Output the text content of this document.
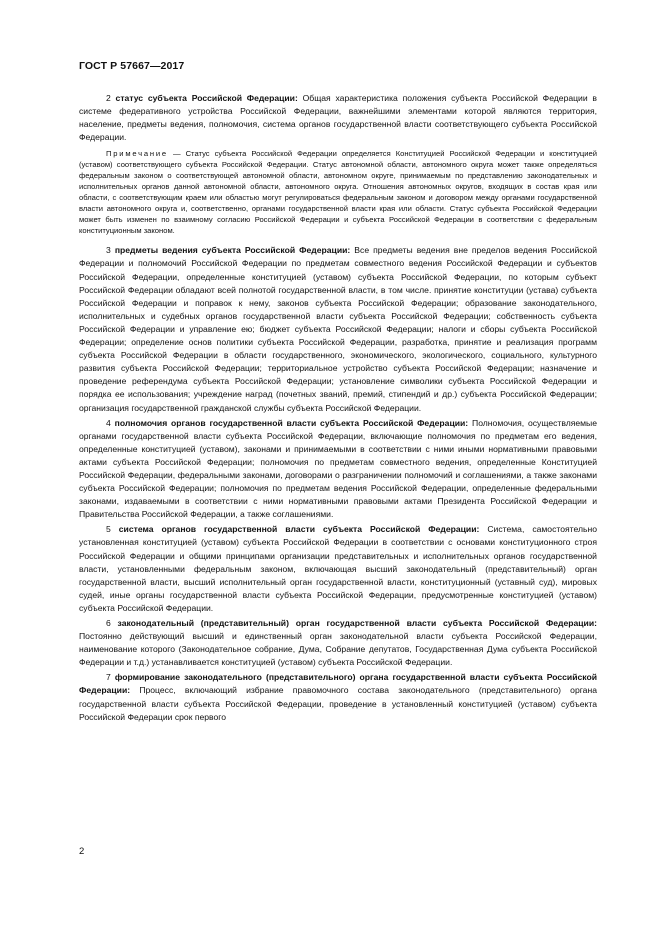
ГОСТ Р 57667—2017

2 статус субъекта Российской Федерации: Общая характеристика положения субъекта Российской Федерации в системе федеративного устройства Российской Федерации, важнейшими элементами которой являются территория, население, предметы ведения, полномочия, система органов государственной власти соответствующего субъекта Российской Федерации.

Примечание — Статус субъекта Российской Федерации определяется Конституцией Российской Федерации и конституцией (уставом) соответствующего субъекта Российской Федерации. Статус автономной области, автономного округа может также определяться федеральным законом о соответствующей автономной области, автономном округе, принимаемым по представлению законодательных и исполнительных органов данной автономной области, автономного округа. Отношения автономных округов, входящих в состав края или области, с соответствующим краем или областью могут регулироваться федеральным законом и договором между органами государственной власти автономного округа и, соответственно, органами государственной власти края или области. Статус субъекта Российской Федерации может быть изменен по взаимному согласию Российской Федерации и субъекта Российской Федерации в соответствии с федеральным конституционным законом.

3 предметы ведения субъекта Российской Федерации: Все предметы ведения вне пределов ведения Российской Федерации и полномочий Российской Федерации по предметам совместного ведения Российской Федерации и субъектов Российской Федерации, определенные конституцией (уставом) субъекта Российской Федерации, по которым субъект Российской Федерации обладают всей полнотой государственной власти, в том числе. принятие конституции (устава) субъекта Российской Федерации и поправок к нему, законов субъекта Российской Федерации; образование законодательного, исполнительных и судебных органов государственной власти субъекта Российской Федерации; собственность субъекта Российской Федерации и управление ею; бюджет субъекта Российской Федерации; налоги и сборы субъекта Российской Федерации; определение основ политики субъекта Российской Федерации, разработка, принятие и реализация программ субъекта Российской Федерации в области государственного, экономического, экологического, социального, культурного развития субъекта Российской Федерации; территориальное устройство субъекта Российской Федерации; назначение и проведение референдума субъекта Российской Федерации; установление символики субъекта Российской Федерации и порядка ее использования; учреждение наград (почетных званий, премий, стипендий и др.) субъекта Российской Федерации; организация государственной гражданской службы субъекта Российской Федерации.

4 полномочия органов государственной власти субъекта Российской Федерации: Полномочия, осуществляемые органами государственной власти субъекта Российской Федерации, включающие полномочия по предметам его ведения, определенные конституцией (уставом), законами и принимаемыми в соответствии с ними иными нормативными правовыми актами субъекта Российской Федерации; полномочия по предметам совместного ведения, определенные Конституцией Российской Федерации, федеральными законами, договорами о разграничении полномочий и соглашениями, а также законами субъекта Российской Федерации; полномочия по предметам ведения Российской Федерации, определенные федеральными законами, издаваемыми в соответствии с ними нормативными правовыми актами Президента Российской Федерации и Правительства Российской Федерации, а также соглашениями.

5 система органов государственной власти субъекта Российской Федерации: Система, самостоятельно установленная конституцией (уставом) субъекта Российской Федерации в соответствии с основами конституционного строя Российской Федерации и общими принципами организации представительных и исполнительных органов государственной власти, установленными федеральным законом, включающая высший законодательный (представительный) орган государственной власти, высший исполнительный орган государственной власти, конституционный (уставный суд), мировых судей, иные органы государственной власти субъекта Российской Федерации, предусмотренные конституцией (уставом) субъекта Российской Федерации.

6 законодательный (представительный) орган государственной власти субъекта Российской Федерации: Постоянно действующий высший и единственный орган законодательной власти субъекта Российской Федерации, наименование которого (Законодательное собрание, Дума, Собрание депутатов, Государственная Дума субъекта Российской Федерации и т.д.) устанавливается конституцией (уставом) субъекта Российской Федерации.

7 формирование законодательного (представительного) органа государственной власти субъекта Российской Федерации: Процесс, включающий избрание правомочного состава законодательного (представительного) органа государственной власти субъекта Российской Федерации, проведение в установленный конституцией (уставом) субъекта Российской Федерации срок первого

2
